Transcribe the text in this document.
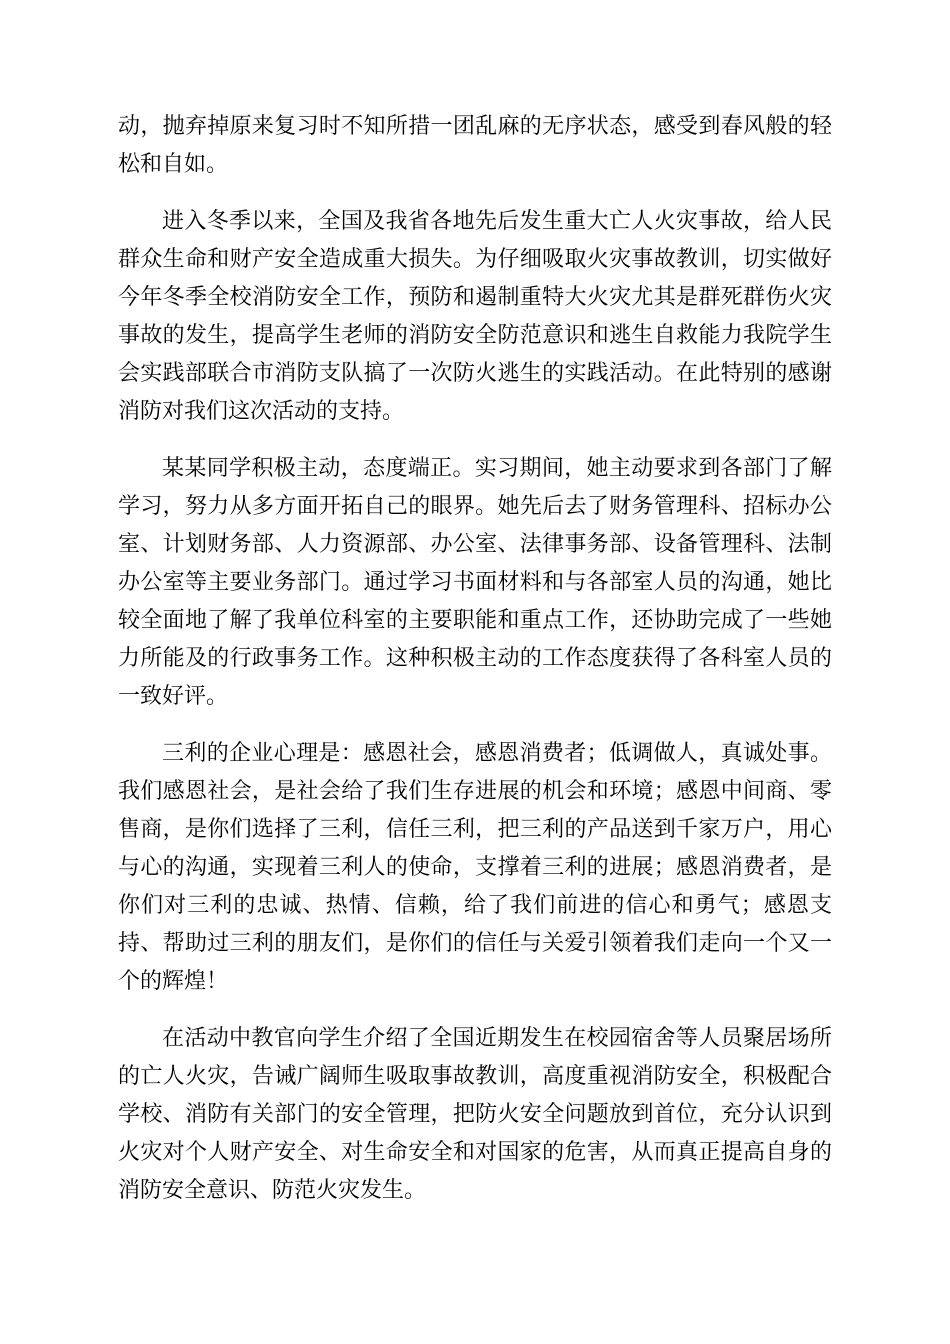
动，抛弃掉原来复习时不知所措一团乱麻的无序状态，感受到春风般的轻
松和自如。

进入冬季以来，全国及我省各地先后发生重大亡人火灾事故，给人民
群众生命和财产安全造成重大损失。为仔细吸取火灾事故教训，切实做好
今年冬季全校消防安全工作，预防和遏制重特大火灾尤其是群死群伤火灾
事故的发生，提高学生老师的消防安全防范意识和逃生自救能力我院学生
会实践部联合市消防支队搞了一次防火逃生的实践活动。在此特别的感谢
消防对我们这次活动的支持。

某某同学积极主动，态度端正。实习期间，她主动要求到各部门了解
学习，努力从多方面开拓自己的眼界。她先后去了财务管理科、招标办公
室、计划财务部、人力资源部、办公室、法律事务部、设备管理科、法制
办公室等主要业务部门。通过学习书面材料和与各部室人员的沟通，她比
较全面地了解了我单位科室的主要职能和重点工作，还协助完成了一些她
力所能及的行政事务工作。这种积极主动的工作态度获得了各科室人员的
一致好评。

三利的企业心理是：感恩社会，感恩消费者；低调做人，真诚处事。
我们感恩社会，是社会给了我们生存进展的机会和环境；感恩中间商、零
售商，是你们选择了三利，信任三利，把三利的产品送到千家万户，用心
与心的沟通，实现着三利人的使命，支撑着三利的进展；感恩消费者，是
你们对三利的忠诚、热情、信赖，给了我们前进的信心和勇气；感恩支
持、帮助过三利的朋友们，是你们的信任与关爱引领着我们走向一个又一
个的辉煌！

在活动中教官向学生介绍了全国近期发生在校园宿舍等人员聚居场所
的亡人火灾，告诫广阔师生吸取事故教训，高度重视消防安全，积极配合
学校、消防有关部门的安全管理，把防火安全问题放到首位，充分认识到
火灾对个人财产安全、对生命安全和对国家的危害，从而真正提高自身的
消防安全意识、防范火灾发生。
